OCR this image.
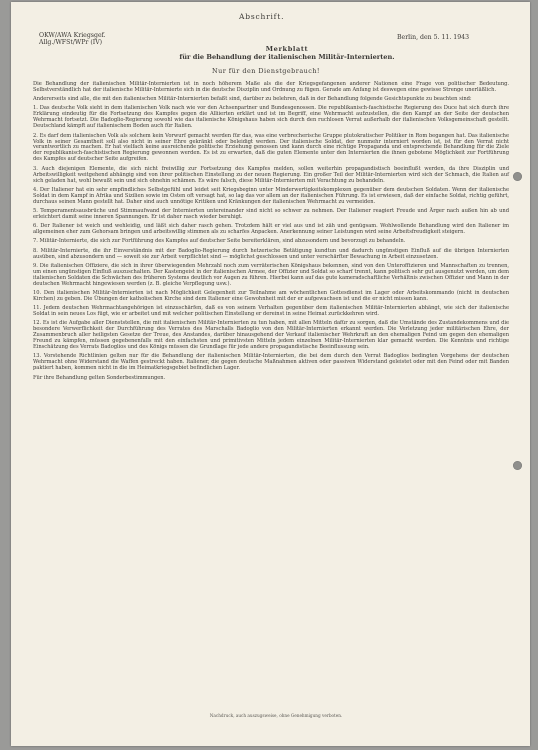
Abschrift.
OKW/AWA Kriegsgef.
Allg./WFSt/WPr (IV)
Berlin, den 5. 11. 1943
Merkblatt
für die Behandlung der italienischen Militär-Internierten.
Nur für den Dienstgebrauch!

Die Behandlung der italienischen Militär-Internierten ist in noch höherem Maße als die der Kriegsgefangenen anderer Nationen eine Frage von politischer Bedeutung. Selbstverständlich hat der italienische Militär-Internierte sich in die deutsche Disziplin und Ordnung zu fügen. Gerade am Anfang ist deswegen eine gewisse Strenge unerläßlich.

Andererseits sind alle, die mit den italienischen Militär-Internierten befaßt sind, darüber zu belehren, daß in der Behandlung folgende Gesichtspunkte zu beachten sind:

1. Das deutsche Volk sieht in dem italienischen Volk nach wie vor den Achsenpartner und Bundesgenossen. Die republikanisch-faschistische Regierung des Duce hat sich durch ihre Erklärung eindeutig für die Fortsetzung des Kampfes gegen die Alliierten erklärt und ist im Begriff, eine Wehrmacht aufzustellen, die den Kampf an der Seite der deutschen Wehrmacht fortsetzt. Die Badoglio-Regierung sowohl wie das italienische Königshaus haben sich durch den ruchlosen Verrat außerhalb der italienischen Volksgemeinschaft gestellt. Deutschland kämpft auf italienischem Boden auch für Italien.

2. Es darf dem italienischen Volk als solchem kein Vorwurf gemacht werden für das, was eine verbrecherische Gruppe plutokratischer Politiker in Rom begangen hat. Das italienische Volk in seiner Gesamtheit soll also nicht in seiner Ehre gekränkt oder beleidigt werden. Der italienische Soldat, der nunmehr interniert worden ist, ist für den Verrat nicht verantwortlich zu machen. Er hat vielfach keine ausreichende politische Erziehung genossen und kann durch eine richtige Propaganda und entsprechende Behandlung für die Ziele der republikanisch-faschistischen Regierung gewonnen werden. Es ist zu erwarten, daß die guten Elemente unter den Internierten die ihnen gebotene Möglichkeit zur Fortführung des Kampfes auf deutscher Seite aufgreifen.

3. Auch diejenigen Elemente, die sich nicht freiwillig zur Fortsetzung des Kampfes melden, sollen weiterhin propagandistisch beeinflußt werden, da ihre Disziplin und Arbeitswilligkeit weitgehend abhängig sind von ihrer politischen Einstellung zu der neuen Regierung. Ein großer Teil der Militär-Internierten wird sich der Schmach, die Italien auf sich geladen hat, wohl bewußt sein und sich ohnehin schämen. Es wäre falsch, diese Militär-Internierten mit Verachtung zu behandeln.

4. Der Italiener hat ein sehr empfindliches Selbstgefühl und leidet seit Kriegsbeginn unter Minderwertigkeitskomplexen gegenüber dem deutschen Soldaten. Wenn der italienische Soldat in dem Kampf in Afrika und Sizilien sowie im Osten oft versagt hat, so lag das vor allem an der italienischen Führung. Es ist erwiesen, daß der einfache Soldat, richtig geführt, durchaus seinen Mann gestellt hat. Daher sind auch unnötige Kritiken und Kränkungen der italienischen Wehrmacht zu vermeiden.

5. Temperamentsausbrüche und Stimmaufwand der Internierten untereinander sind nicht so schwer zu nehmen. Der Italiener reagiert Freude und Ärger nach außen hin ab und erleichtert damit seine inneren Spannungen. Er ist daher rasch wieder beruhigt.

6. Der Italiener ist weich und wehleidig, und läßt sich daher rasch gehen. Trotzdem hält er viel aus und ist zäh und genügsam. Wohlwollende Behandlung wird den Italiener im allgemeinen eher zum Gehorsam bringen und arbeitswillig stimmen als zu scharfes Anpacken. Anerkennung seiner Leistungen wird seine Arbeitsfreudigkeit steigern.

7. Militär-Internierte, die sich zur Fortführung des Kampfes auf deutscher Seite bereiterklären, sind abzusondern und bevorzugt zu behandeln.

8. Militär-Internierte, die ihr Einverständnis mit der Badoglio-Regierung durch hetzerische Betätigung kundtun und dadurch ungünstigen Einfluß auf die übrigen Internierten ausüben, sind abzusondern und — soweit sie zur Arbeit verpflichtet sind — möglichst geschlossen und unter verschärfter Bewachung in Arbeit einzusetzen.

9. Die italienischen Offiziere, die sich in ihrer überwiegenden Mehrzahl noch zum verräterischen Königshaus bekennen, sind von den Unteroffizieren und Mannschaften zu trennen, um einen ungünstigen Einfluß auszuschalten. Der Kastengeist in der italienischen Armee, der Offizier und Soldat so scharf trennt, kann politisch sehr gut ausgenutzt werden, um dem italienischen Soldaten die Schwächen des früheren Systems deutlich vor Augen zu führen. Hierbei kann auf das gute kameradschaftliche Verhältnis zwischen Offizier und Mann in der deutschen Wehrmacht hingewiesen werden (z. B. gleiche Verpflegung usw.).

10. Den italienischen Militär-Internierten ist nach Möglichkeit Gelegenheit zur Teilnahme am wöchentlichen Gottesdienst im Lager oder Arbeitskommando (nicht in deutschen Kirchen) zu geben. Die Übungen der katholischen Kirche sind dem Italiener eine Gewohnheit mit der er aufgewachsen ist und die er nicht missen kann.

11. Jedem deutschen Wehrmachtangehörigen ist einzuschärfen, daß es von seinem Verhalten gegenüber dem italienischen Militär-Internierten abhängt, wie sich der italienische Soldat in sein neues Los fügt, wie er arbeitet und mit welcher politischen Einstellung er dereinst in seine Heimat zurückkehren wird.

12. Es ist die Aufgabe aller Dienststellen, die mit italienischen Militär-Internierten zu tun haben, mit allen Mitteln dafür zu sorgen, daß die Umstände des Zustandekommens und die besondere Verwerflichkeit der Durchführung des Verrates des Marschalls Badoglio von den Militär-Internierten erkannt werden. Die Verletzung jeder militärischen Ehre, der Zusammenbruch aller heiligsten Gesetze der Treue, des Anstandes, darüber hinausgehend der Verkauf italienischer Wehrkraft an den ehemaligen Feind um gegen den ehemaligen Freund zu kämpfen, müssen gegebenenfalls mit den einfachsten und primitivsten Mitteln jedem einzelnen Militär-Internierten klar gemacht werden. Die Kenntnis und richtige Einschätzung des Verrats Badoglios und des Königs müssen die Grundlage für jede andere propagandistische Beeinflussung sein.

13. Vorstehende Richtlinien gelten nur für die Behandlung der italienischen Militär-Internierten, die bei dem durch den Verrat Badoglios bedingten Vorgehens der deutschen Wehrmacht ohne Widerstand die Waffen gestreckt haben. Italiener, die gegen deutsche Maßnahmen aktiven oder passiven Widerstand geleistet oder mit den Feind oder mit Banden paktiert haben, kommen nicht in die im Heimatkriegsgebiet befindlichen Lager.

Für ihre Behandlung gelten Sonderbestimmungen.

Nachdruck, auch auszugsweise, ohne Genehmigung verboten.
